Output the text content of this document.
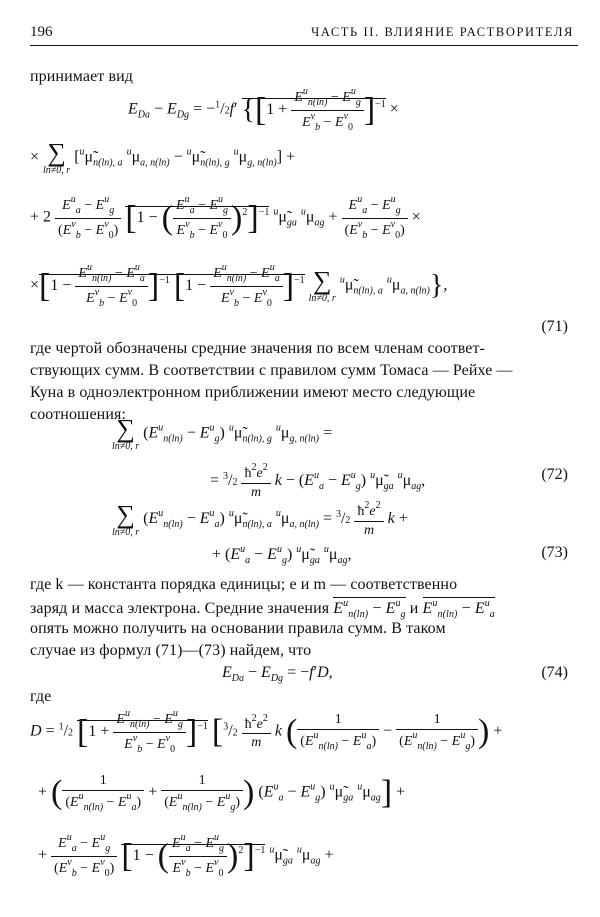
196	ЧАСТЬ II. ВЛИЯНИЕ РАСТВОРИТЕЛЯ
принимает вид
$E_{Da} - E_{Dg} = -^1/2f'$ {$[1 + \frac{E^u_{n(ln)} - E^u_g}{E^v_b - E^v_0} ]^{-1}$ ×
× ∑
ln≠0, r
[$^u\mũ_{n(ln), a}$ $^u\mu_{a, n(ln)}$ − $^u\mũ_{n(ln), g}$ $^u\mu_{g, n(ln)}$] +
+ $2 \frac{E^u_a - E^u_g}{(E^v_b - E^v_0)} [1$ − ( $\frac{E^u_a - E^u_g}{E^v_b - E^v_0} )^2]^{-1}$ $^u\mũ_{ga}$ $^u\mu_{ag} + \frac{E^u_a - E^u_g}{(E^v_b - E^v_0)}$ ×
$\times[1 - \frac{E^u_{n(ln)} - E^u_a}{E^v_b - E^v_0} ]^{-1}$ $[1 - \frac{E^u_{n(ln)} - E^u_a}{E^v_b - E^v_0} ]^{-1}$ ∑
ln≠0, r
$^u\mũ_{n(ln), a}$ $^u\mu_{a, n(ln)}$},
(71)
где чертой обозначены средние значения по всем членам соответ-
ствующих сумм. В соответствии с правилом сумм Томаса — Рейхе —
Куна в одноэлектронном приближении имеют место следующие
соотношения:
∑
ln≠0, r
$(E^u_{n(ln)} - E^u_g)$ $^u\mũ_{n(ln), g}$ $^u\mu_{g, n(ln)}$ =
= $^3/2 \frac{ħ^2e^2}{m}$ $k - (E^u_a - E^u_g)$ $^u\mũ_{ga}$ $^u\mu_{ag}$,	(72)
∑
ln≠0, r
$(E^u_{n(ln)} - E^u_a)$ $^u\mũ_{n(ln), a}$ $^u\mu_{a, n(ln)} = ^3/2 \frac{ħ^2e^2}{m}$ k +
+ $(E^u_a - E^u_g)$ $^u\mũ_{ga}$ $^u\mu_{ag}$,	(73)
где k — константа порядка единицы; e и m — соответственно
заряд и масса электрона. Средние значения $E^u_{n(ln)} - E^u_g$ и $E^u_{n(ln)} - E^u_a$
опять можно получить на основании правила сумм. В таком
случае из формул (71)—(73) найдем, что
$E_{Da} - E_{Dg} = -f'D$,	(74)
где
D = $^1$/2 $[1 + \frac{E^u_{n(ln)} - E^u_g}{E^v_b - E^v_0} ]^{-1}$ [$^3/2 \frac{ħ^2e^2}{m}$ k ( $\frac{1}{(E^u_{n(ln)} - E^u_a)} - \frac{1}{(E^u_{n(ln)} - E^u_g)}$ ) +
+ ( $\frac{1}{(E^u_{n(ln)} - E^u_a)} + \frac{1}{(E^u_{n(ln)} - E^u_g)}$ ) $(E^u_a - E^u_g)$ $^u\mũ_{ga}$ $^u\mu_{ag}$] +
+ $\frac{E^u_a - E^u_g}{(E^v_b - E^v_0)} [1$ − ( $\frac{E^u_a - E^u_g}{E^v_b - E^v_0} )^2]^{-1}$ $^u\mũ_{ga}$ $^u\mu_{ag}$ +
